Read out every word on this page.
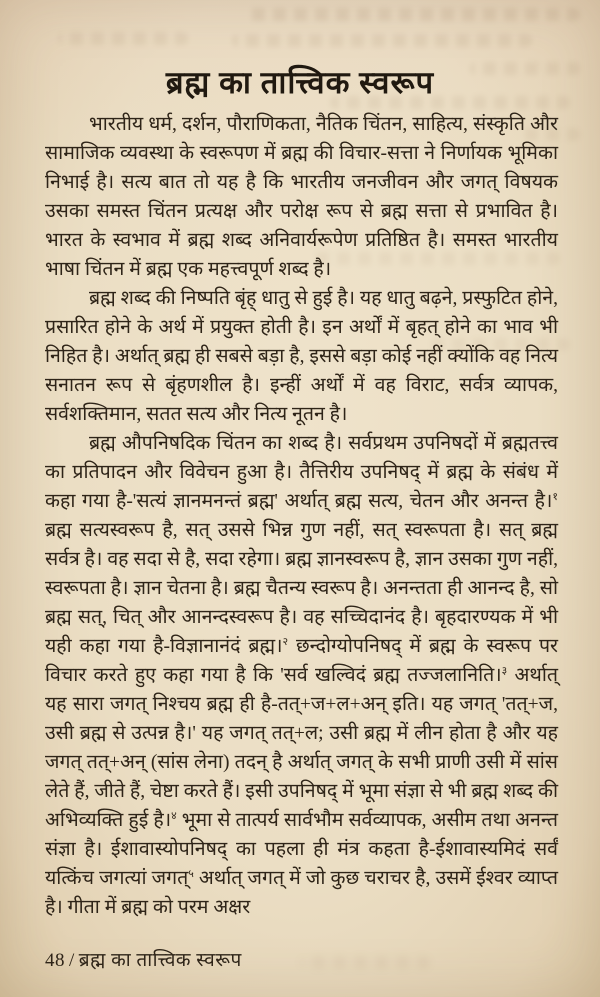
ब्रह्म का तात्त्विक स्वरूप

भारतीय धर्म, दर्शन, पौराणिकता, नैतिक चिंतन, साहित्य, संस्कृति और सामाजिक व्यवस्था के स्वरूपण में ब्रह्म की विचार-सत्ता ने निर्णायक भूमिका निभाई है। सत्य बात तो यह है कि भारतीय जनजीवन और जगत् विषयक उसका समस्त चिंतन प्रत्यक्ष और परोक्ष रूप से ब्रह्म सत्ता से प्रभावित है। भारत के स्वभाव में ब्रह्म शब्द अनिवार्यरूपेण प्रतिष्ठित है। समस्त भारतीय भाषा चिंतन में ब्रह्म एक महत्त्वपूर्ण शब्द है।

ब्रह्म शब्द की निष्पति बृंह् धातु से हुई है। यह धातु बढ़ने, प्रस्फुटित होने, प्रसारित होने के अर्थ में प्रयुक्त होती है। इन अर्थों में बृहत् होने का भाव भी निहित है। अर्थात् ब्रह्म ही सबसे बड़ा है, इससे बड़ा कोई नहीं क्योंकि वह नित्य सनातन रूप से बृंहणशील है। इन्हीं अर्थों में वह विराट, सर्वत्र व्यापक, सर्वशक्तिमान, सतत सत्य और नित्य नूतन है।

ब्रह्म औपनिषदिक चिंतन का शब्द है। सर्वप्रथम उपनिषदों में ब्रह्मतत्त्व का प्रतिपादन और विवेचन हुआ है। तैत्तिरीय उपनिषद् में ब्रह्म के संबंध में कहा गया है-'सत्यं ज्ञानमनन्तं ब्रह्म' अर्थात् ब्रह्म सत्य, चेतन और अनन्त है।$^१$ ब्रह्म सत्यस्वरूप है, सत् उससे भिन्न गुण नहीं, सत् स्वरूपता है। सत् ब्रह्म सर्वत्र है। वह सदा से है, सदा रहेगा। ब्रह्म ज्ञानस्वरूप है, ज्ञान उसका गुण नहीं, स्वरूपता है। ज्ञान चेतना है। ब्रह्म चैतन्य स्वरूप है। अनन्तता ही आनन्द है, सो ब्रह्म सत्, चित् और आनन्दस्वरूप है। वह सच्चिदानंद है। बृहदारण्यक में भी यही कहा गया है-विज्ञानानंदं ब्रह्म।$^२$ छन्दोग्योपनिषद् में ब्रह्म के स्वरूप पर विचार करते हुए कहा गया है कि 'सर्व खल्विदं ब्रह्म तज्जलानिति।$^३$ अर्थात् यह सारा जगत् निश्चय ब्रह्म ही है-तत्+ज+ल+अन् इति। यह जगत् 'तत्+ज, उसी ब्रह्म से उत्पन्न है।' यह जगत् तत्+ल; उसी ब्रह्म में लीन होता है और यह जगत् तत्+अन् (सांस लेना) तदन् है अर्थात् जगत् के सभी प्राणी उसी में सांस लेते हैं, जीते हैं, चेष्टा करते हैं। इसी उपनिषद् में भूमा संज्ञा से भी ब्रह्म शब्द की अभिव्यक्ति हुई है।$^४$ भूमा से तात्पर्य सार्वभौम सर्वव्यापक, असीम तथा अनन्त संज्ञा है। ईशावास्योपनिषद् का पहला ही मंत्र कहता है-ईशावास्यमिदं सर्वं यत्किंच जगत्यां जगत्$^५$ अर्थात् जगत् में जो कुछ चराचर है, उसमें ईश्वर व्याप्त है। गीता में ब्रह्म को परम अक्षर

48 / ब्रह्म का तात्त्विक स्वरूप
